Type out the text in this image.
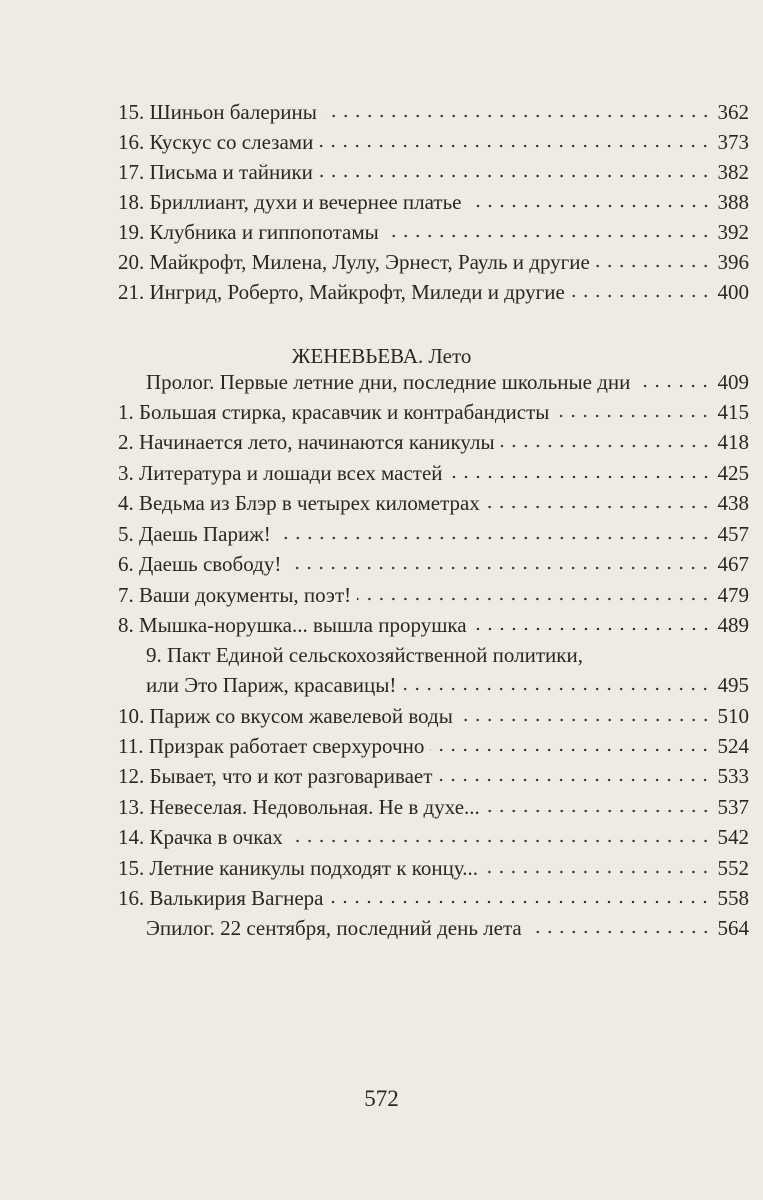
15. Шиньон балерины	362
16. Кускус со слезами	373
17. Письма и тайники	382
18. Бриллиант, духи и вечернее платье	388
19. Клубника и гиппопотамы	392
20. Майкрофт, Милена, Лулу, Эрнест, Рауль и другие	396
21. Ингрид, Роберто, Майкрофт, Миледи и другие	400
ЖЕНЕВЬЕВА. Лето
Пролог. Первые летние дни, последние школьные дни	409
1. Большая стирка, красавчик и контрабандисты	415
2. Начинается лето, начинаются каникулы	418
3. Литература и лошади всех мастей	425
4. Ведьма из Блэр в четырех километрах	438
5. Даешь Париж!	457
6. Даешь свободу!	467
7. Ваши документы, поэт!	479
8. Мышка-норушка... вышла прорушка	489
9. Пакт Единой сельскохозяйственной политики,
или Это Париж, красавицы!	495
10. Париж со вкусом жавелевой воды	510
11. Призрак работает сверхурочно	524
12. Бывает, что и кот разговаривает	533
13. Невеселая. Недовольная. Не в духе...	537
14. Крачка в очках	542
15. Летние каникулы подходят к концу...	552
16. Валькирия Вагнера	558
Эпилог. 22 сентября, последний день лета	564
572
